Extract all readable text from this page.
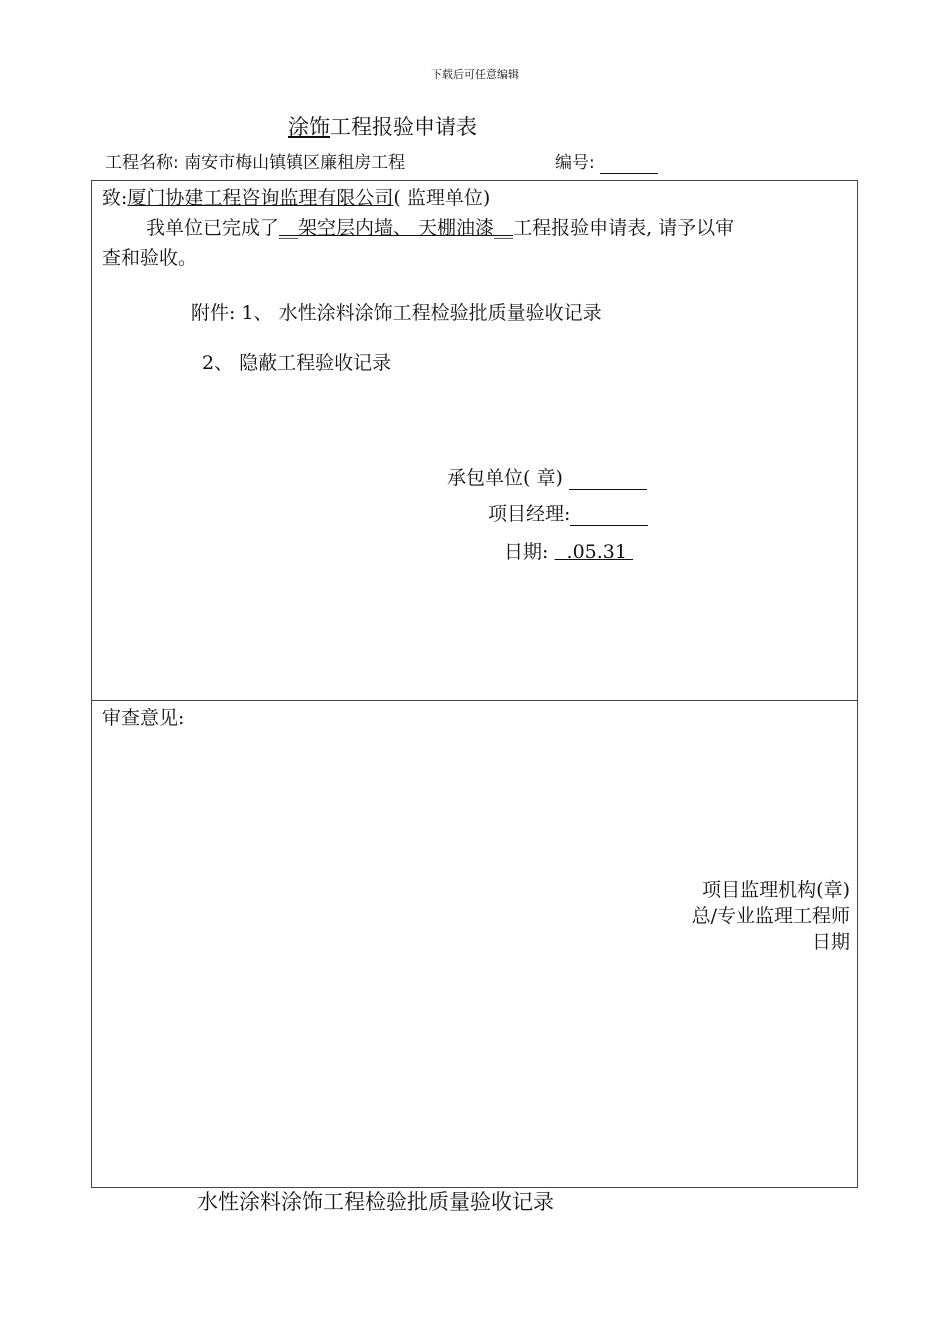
下载后可任意编辑
涂饰工程报验申请表
工程名称: 南安市梅山镇镇区廉租房工程	编号:
致:厦门协建工程咨询监理有限公司( 监理单位)
我单位已完成了__架空层内墙、 天棚油漆__工程报验申请表, 请予以审
查和验收。
附件: 1、 水性涂料涂饰工程检验批质量验收记录
2、 隐蔽工程验收记录
承包单位( 章)
项目经理:
日期:   .05.31
审查意见:
项目监理机构(章)
总/专业监理工程师
日期
水性涂料涂饰工程检验批质量验收记录
